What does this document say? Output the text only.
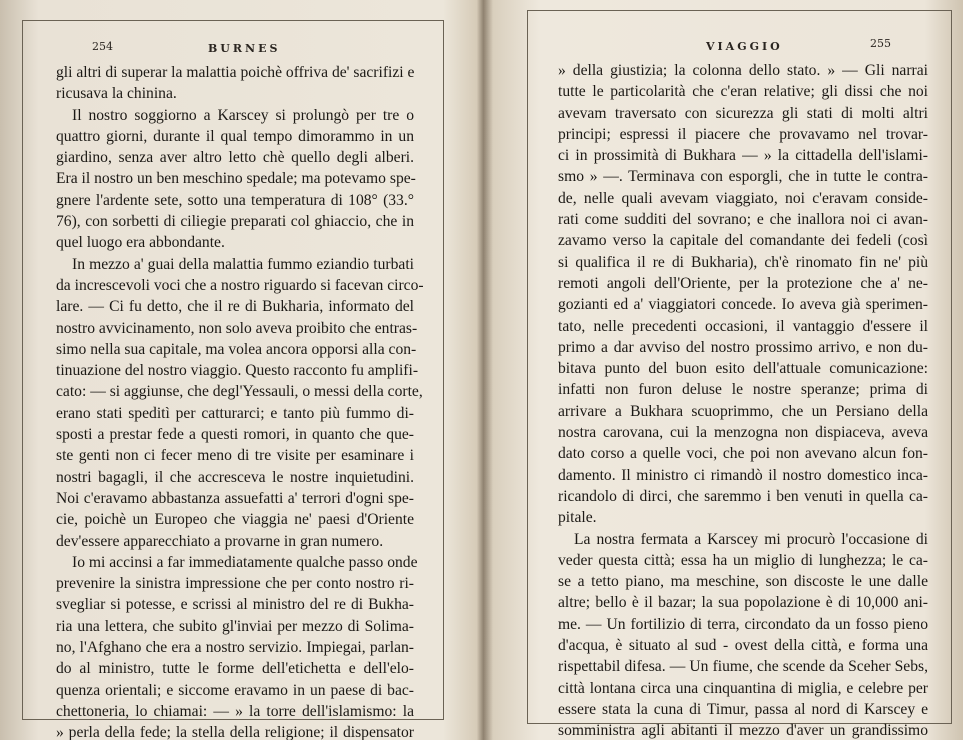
254	BURNES
gli altri di superar la malattia poichè offriva de' sacrifizi e
ricusava la chinina.
Il nostro soggiorno a Karscey si prolungò per tre o
quattro giorni, durante il qual tempo dimorammo in un
giardino, senza aver altro letto chè quello degli alberi.
Era il nostro un ben meschino spedale; ma potevamo spe-
gnere l'ardente sete, sotto una temperatura di 108° (33.°
76), con sorbetti di ciliegie preparati col ghiaccio, che in
quel luogo era abbondante.
In mezzo a' guai della malattia fummo eziandio turbati
da increscevoli voci che a nostro riguardo si facevan circo-
lare. — Ci fu detto, che il re di Bukharia, informato del
nostro avvicinamento, non solo aveva proibito che entras-
simo nella sua capitale, ma volea ancora opporsi alla con-
tinuazione del nostro viaggio. Questo racconto fu amplifi-
cato: — si aggiunse, che degl'Yessauli, o messi della corte,
erano stati speditì per catturarci; e tanto più fummo di-
sposti a prestar fede a questi romori, in quanto che que-
ste genti non ci fecer meno di tre visite per esaminare i
nostri bagagli, il che accresceva le nostre inquietudini.
Noi c'eravamo abbastanza assuefatti a' terrori d'ogni spe-
cie, poichè un Europeo che viaggia ne' paesi d'Oriente
dev'essere apparecchiato a provarne in gran numero.
Io mi accinsi a far immediatamente qualche passo onde
prevenire la sinistra impressione che per conto nostro ri-
svegliar si potesse, e scrissi al ministro del re di Bukha-
ria una lettera, che subito gl'inviai per mezzo di Solima-
no, l'Afghano che era a nostro servizio. Impiegai, parlan-
do al ministro, tutte le forme dell'etichetta e dell'elo-
quenza orientali; e siccome eravamo in un paese di bac-
chettoneria, lo chiamai: — » la torre dell'islamismo: la
» perla della fede; la stella della religione; il dispensator
VIAGGIO	255
» della giustizia; la colonna dello stato. » — Gli narrai
tutte le particolarità che c'eran relative; gli dissi che noi
avevam traversato con sicurezza gli stati di molti altri
principi; espressi il piacere che provavamo nel trovar-
ci in prossimità di Bukhara — » la cittadella dell'islami-
smo » —. Terminava con esporgli, che in tutte le contra-
de, nelle quali avevam viaggiato, noi c'eravam conside-
rati come sudditi del sovrano; e che inallora noi ci avan-
zavamo verso la capitale del comandante dei fedeli (così
si qualifica il re di Bukharia), ch'è rinomato fin ne' più
remoti angoli dell'Oriente, per la protezione che a' ne-
gozianti ed a' viaggiatori concede. Io aveva già sperimen-
tato, nelle precedenti occasioni, il vantaggio d'essere il
primo a dar avviso del nostro prossimo arrivo, e non du-
bitava punto del buon esito dell'attuale comunicazione:
infatti non furon deluse le nostre speranze; prima di
arrivare a Bukhara scuoprimmo, che un Persiano della
nostra carovana, cui la menzogna non dispiaceva, aveva
dato corso a quelle voci, che poi non avevano alcun fon-
damento. Il ministro ci rimandò il nostro domestico inca-
ricandolo di dirci, che saremmo i ben venuti in quella ca-
pitale.
La nostra fermata a Karscey mi procurò l'occasione di
veder questa città; essa ha un miglio di lunghezza; le ca-
se a tetto piano, ma meschine, son discoste le une dalle
altre; bello è il bazar; la sua popolazione è di 10,000 ani-
me. — Un fortilizio di terra, circondato da un fosso pieno
d'acqua, è situato al sud - ovest della città, e forma una
rispettabil difesa. — Un fiume, che scende da Sceher Sebs,
città lontana circa una cinquantina di miglia, e celebre per
essere stata la cuna di Timur, passa al nord di Karscey e
somministra agli abitanti il mezzo d'aver un grandissimo
